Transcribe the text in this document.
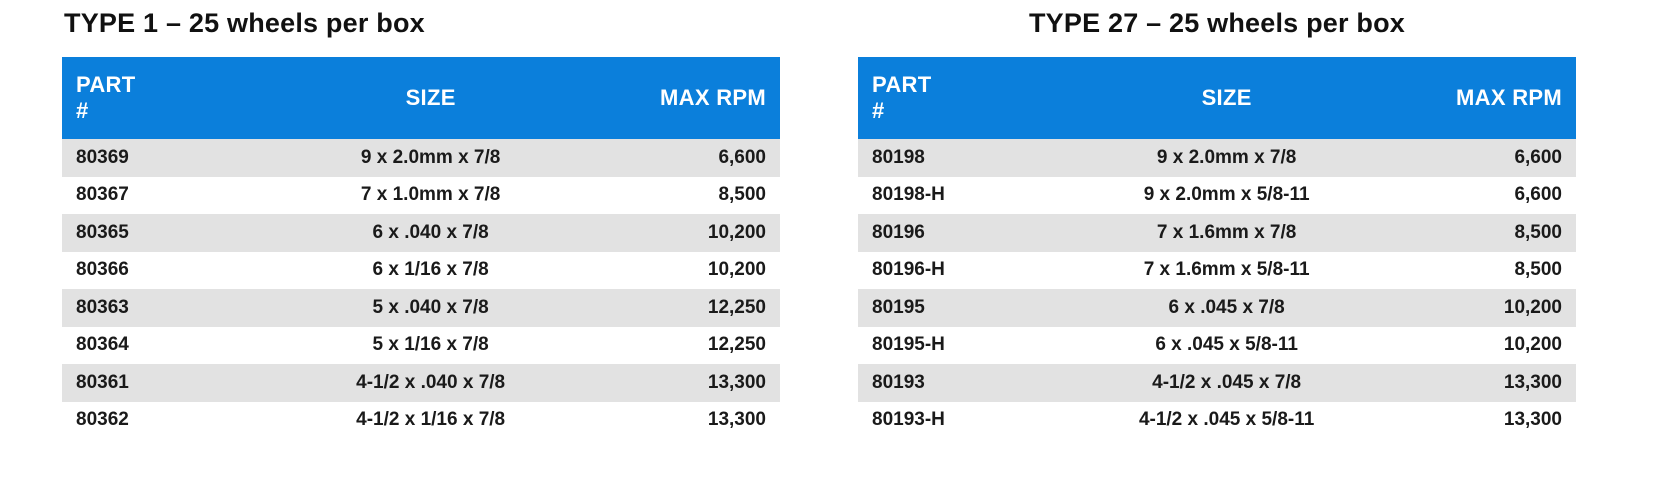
TYPE 1 – 25 wheels per box
PART
#	SIZE	MAX RPM
80369	9 x 2.0mm x 7/8	6,600
80367	7 x 1.0mm x 7/8	8,500
80365	6 x .040 x 7/8	10,200
80366	6 x 1/16 x 7/8	10,200
80363	5 x .040 x 7/8	12,250
80364	5 x 1/16 x 7/8	12,250
80361	4-1/2 x .040 x 7/8	13,300
80362	4-1/2 x 1/16 x 7/8	13,300
TYPE 27 – 25 wheels per box
PART
#	SIZE	MAX RPM
80198	9 x 2.0mm x 7/8	6,600
80198-H	9 x 2.0mm x 5/8-11	6,600
80196	7 x 1.6mm x 7/8	8,500
80196-H	7 x 1.6mm x 5/8-11	8,500
80195	6 x .045 x 7/8	10,200
80195-H	6 x .045 x 5/8-11	10,200
80193	4-1/2 x .045 x 7/8	13,300
80193-H	4-1/2 x .045 x 5/8-11	13,300
